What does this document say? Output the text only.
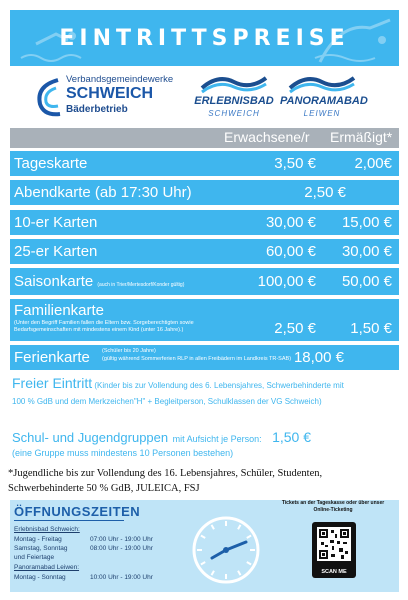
EINTRITTSPREISE
Verbandsgemeindewerke
SCHWEICH
Bäderbetrieb
ERLEBNISBAD
SCHWEICH
PANORAMABAD
LEIWEN
Erwachsene/r Ermäßigt*
Tageskarte	3,50 €	2,00€
Abendkarte (ab 17:30 Uhr)	2,50 €
10-er Karten	30,00 €	15,00 €
25-er Karten	60,00 €	30,00 €
Saisonkarte (auch in Trier/Mertesdorf/Konder gültig)	100,00 €	50,00 €
Familienkarte
(Unter den Begriff Familien fallen die Eltern bzw. Sorgeberechtigten sowie
Bedarfsgemeinschaften mit mindestens einem Kind (unter 16 Jahre).)	2,50 €	1,50 €
Ferienkarte (Schüler bis 20 Jahre)
(gültig während Sommerferien RLP in allen Freibädern im Landkreis TR-SAB) 18,00 €
Freier Eintritt (Kinder bis zur Vollendung des 6. Lebensjahres, Schwerbehinderte mit
100 % GdB und dem Merkzeichen"H" + Begleitperson, Schulklassen der VG Schweich)
Schul- und Jugendgruppen mit Aufsicht je Person: 1,50 €
(eine Gruppe muss mindestens 10 Personen bestehen)
*Jugendliche bis zur Vollendung des 16. Lebensjahres, Schüler, Studenten,
Schwerbehinderte 50 % GdB, JULEICA, FSJ
ÖFFNUNGSZEITEN
Erlebnisbad Schweich:
Montag - Freitag	07:00 Uhr - 19:00 Uhr
Samstag, Sonntag	08:00 Uhr - 19:00 Uhr
und Feiertage
Panoramabad Leiwen:
Montag - Sonntag	10:00 Uhr - 19:00 Uhr
Tickets an der Tageskasse oder über unser
Online-Ticketing
SCAN ME
